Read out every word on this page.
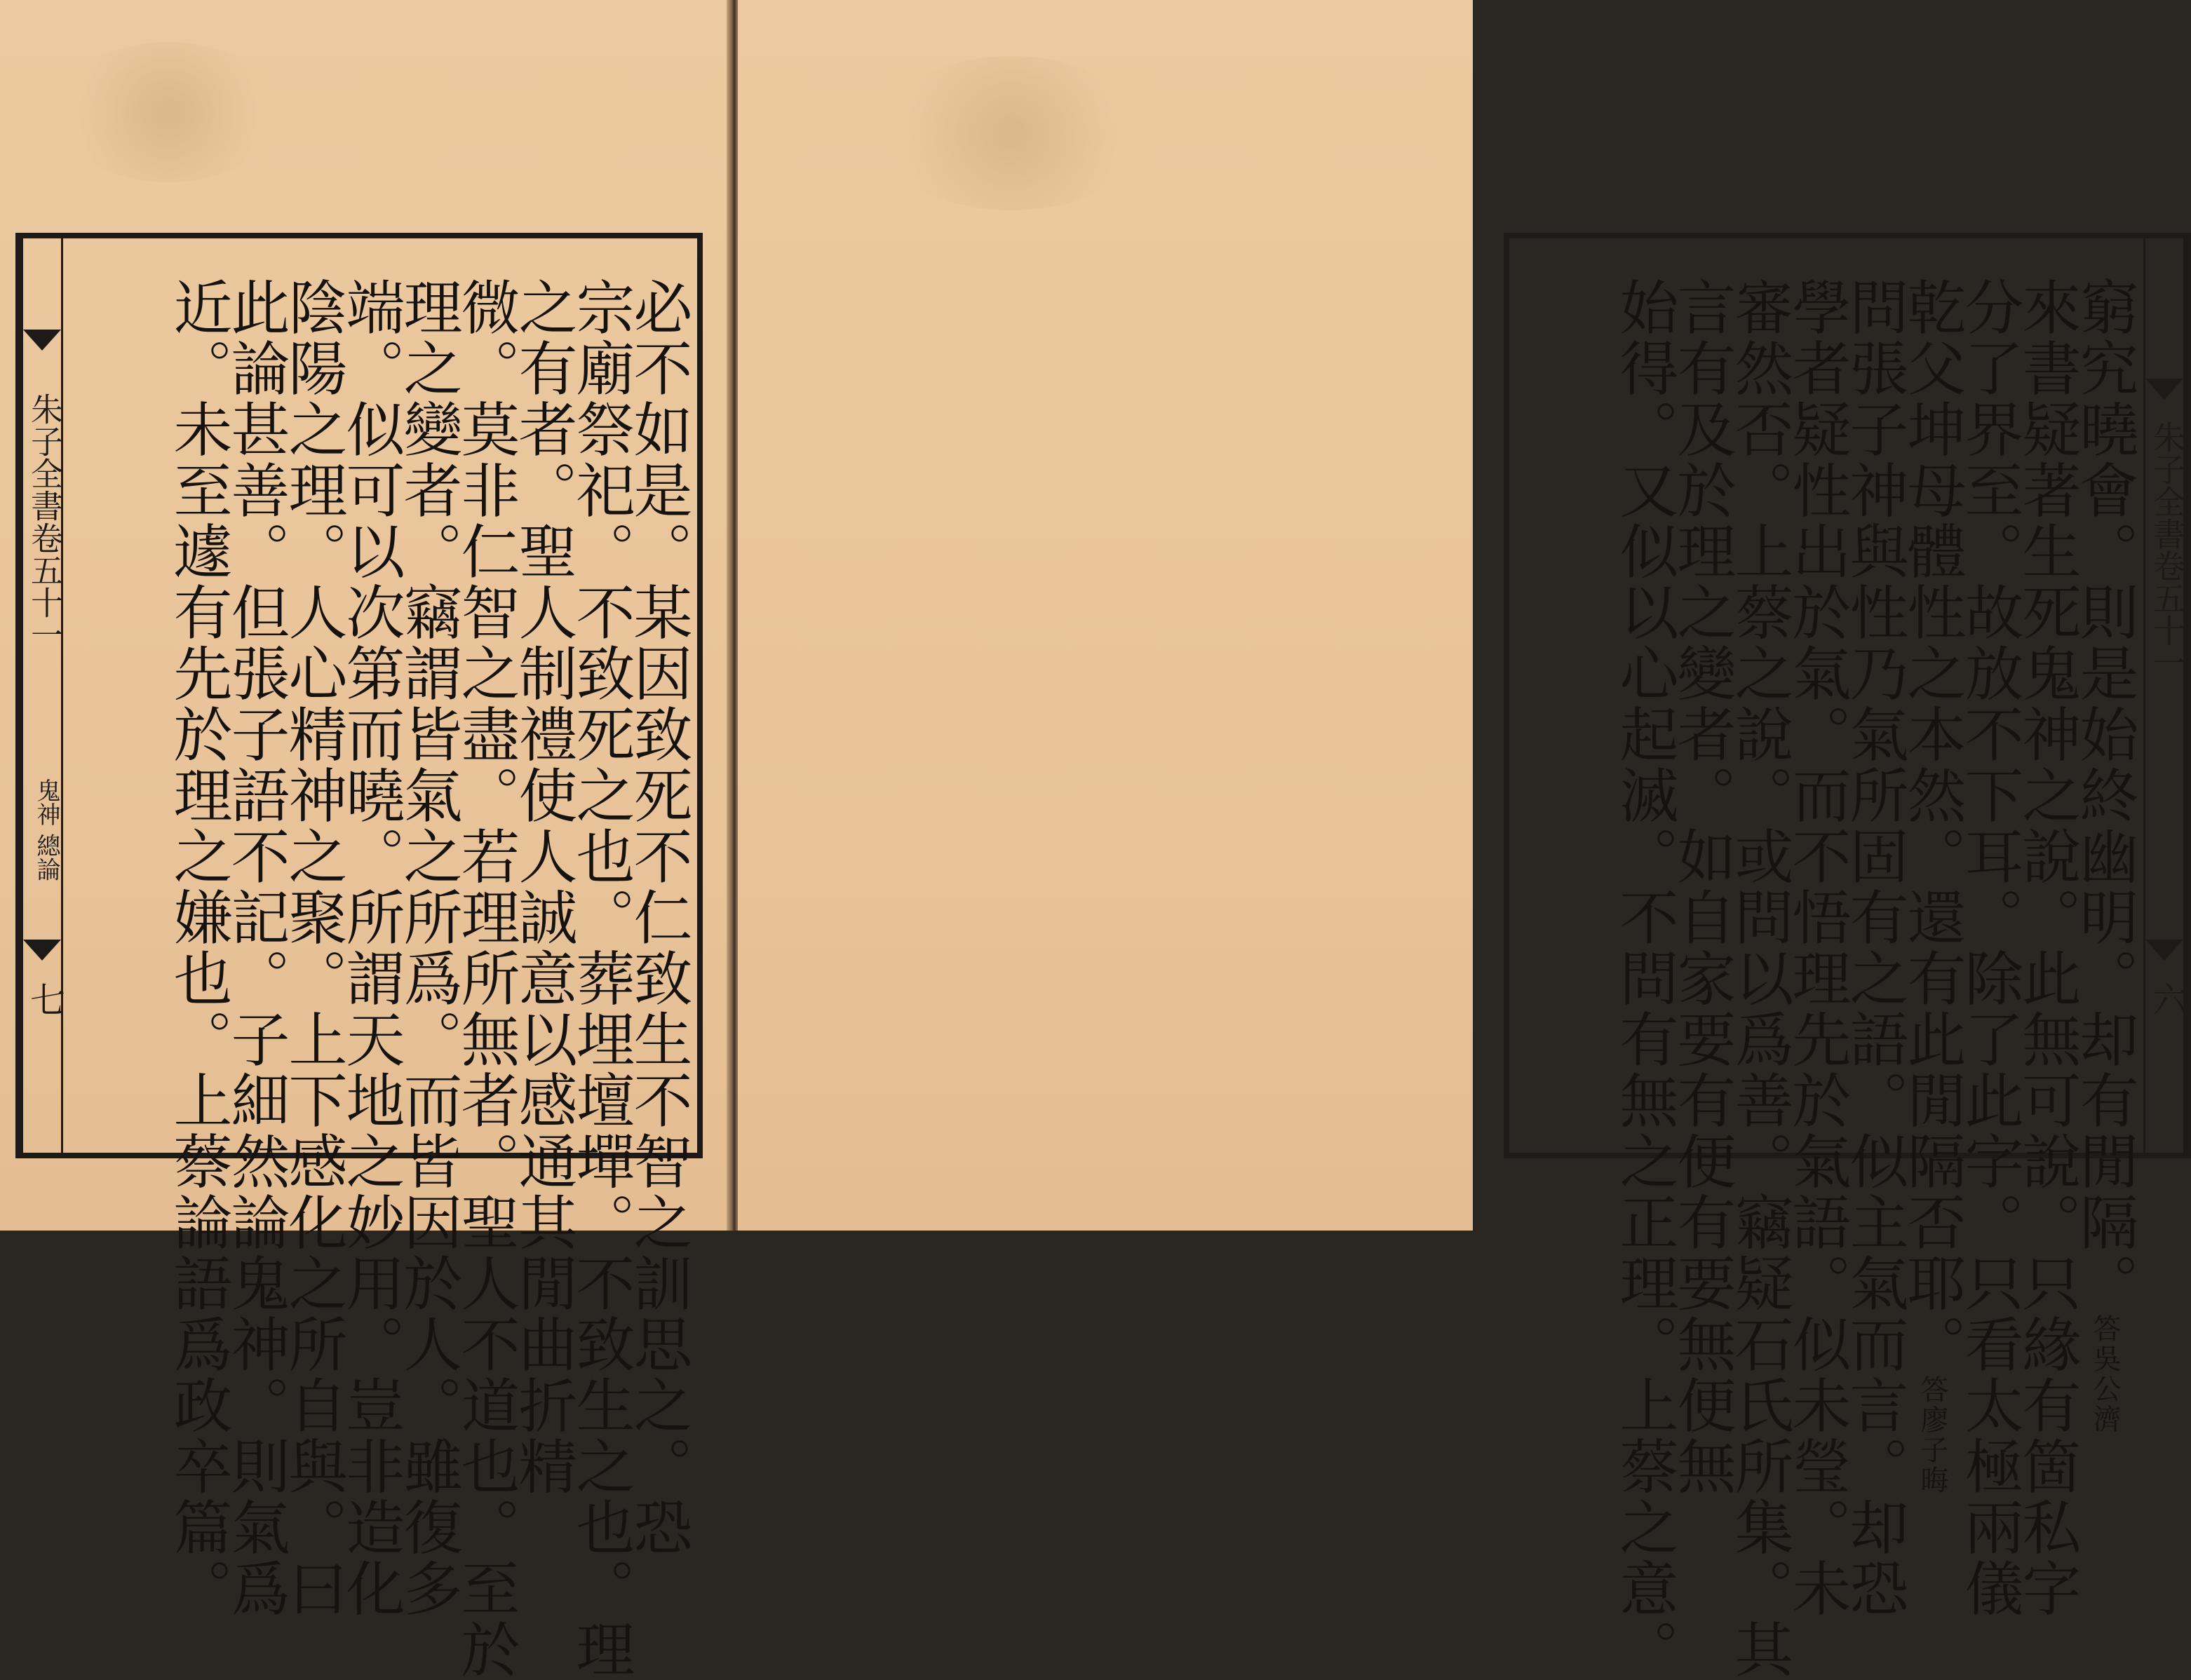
朱子全書卷五十一
鬼神 總論
七	必不如是。某因致死不仁致生不智之訓思之。恐
宗廟祭祀。不致死之也。葬埋壇墠。不致生之也。理
之有者。聖人制禮使人誠意以感通其閒曲折精
微。莫非仁智之盡。若理所無者。聖人不道也。至於
理之變者。竊謂皆氣之所爲。而皆因於人。雖復多
端。似可以次第而曉。所謂天地之妙用。豈非造化
陰陽之理。人心精神之聚。上下感化之所自與。曰
此論甚善。但張子語不記。子細然論鬼神。則氣爲
近。未至遽有先於理之嫌也。上蔡論語爲政卒篇。	窮究曉會。則是始終幽明。却有閒隔。答吳公濟
來書疑著生死鬼神之說。此無可說。只緣有箇私字
分了界至。故放不下耳。除了此字。只看太極兩儀
乾父坤母體性之本然。還有此閒隔否耶。答廖子晦
問張子神與性乃氣所固有之語。似主氣而言。却恐
學者疑性出於氣。而不悟理先於氣語。似未瑩。未
審然否。上蔡之說。或問以爲善。竊疑石氏所集。其
言有及於理之變者。如自家要有便有要無便無
始得。又似以心起滅。不問有無之正理。上蔡之意。	朱子全書卷五十一
六
